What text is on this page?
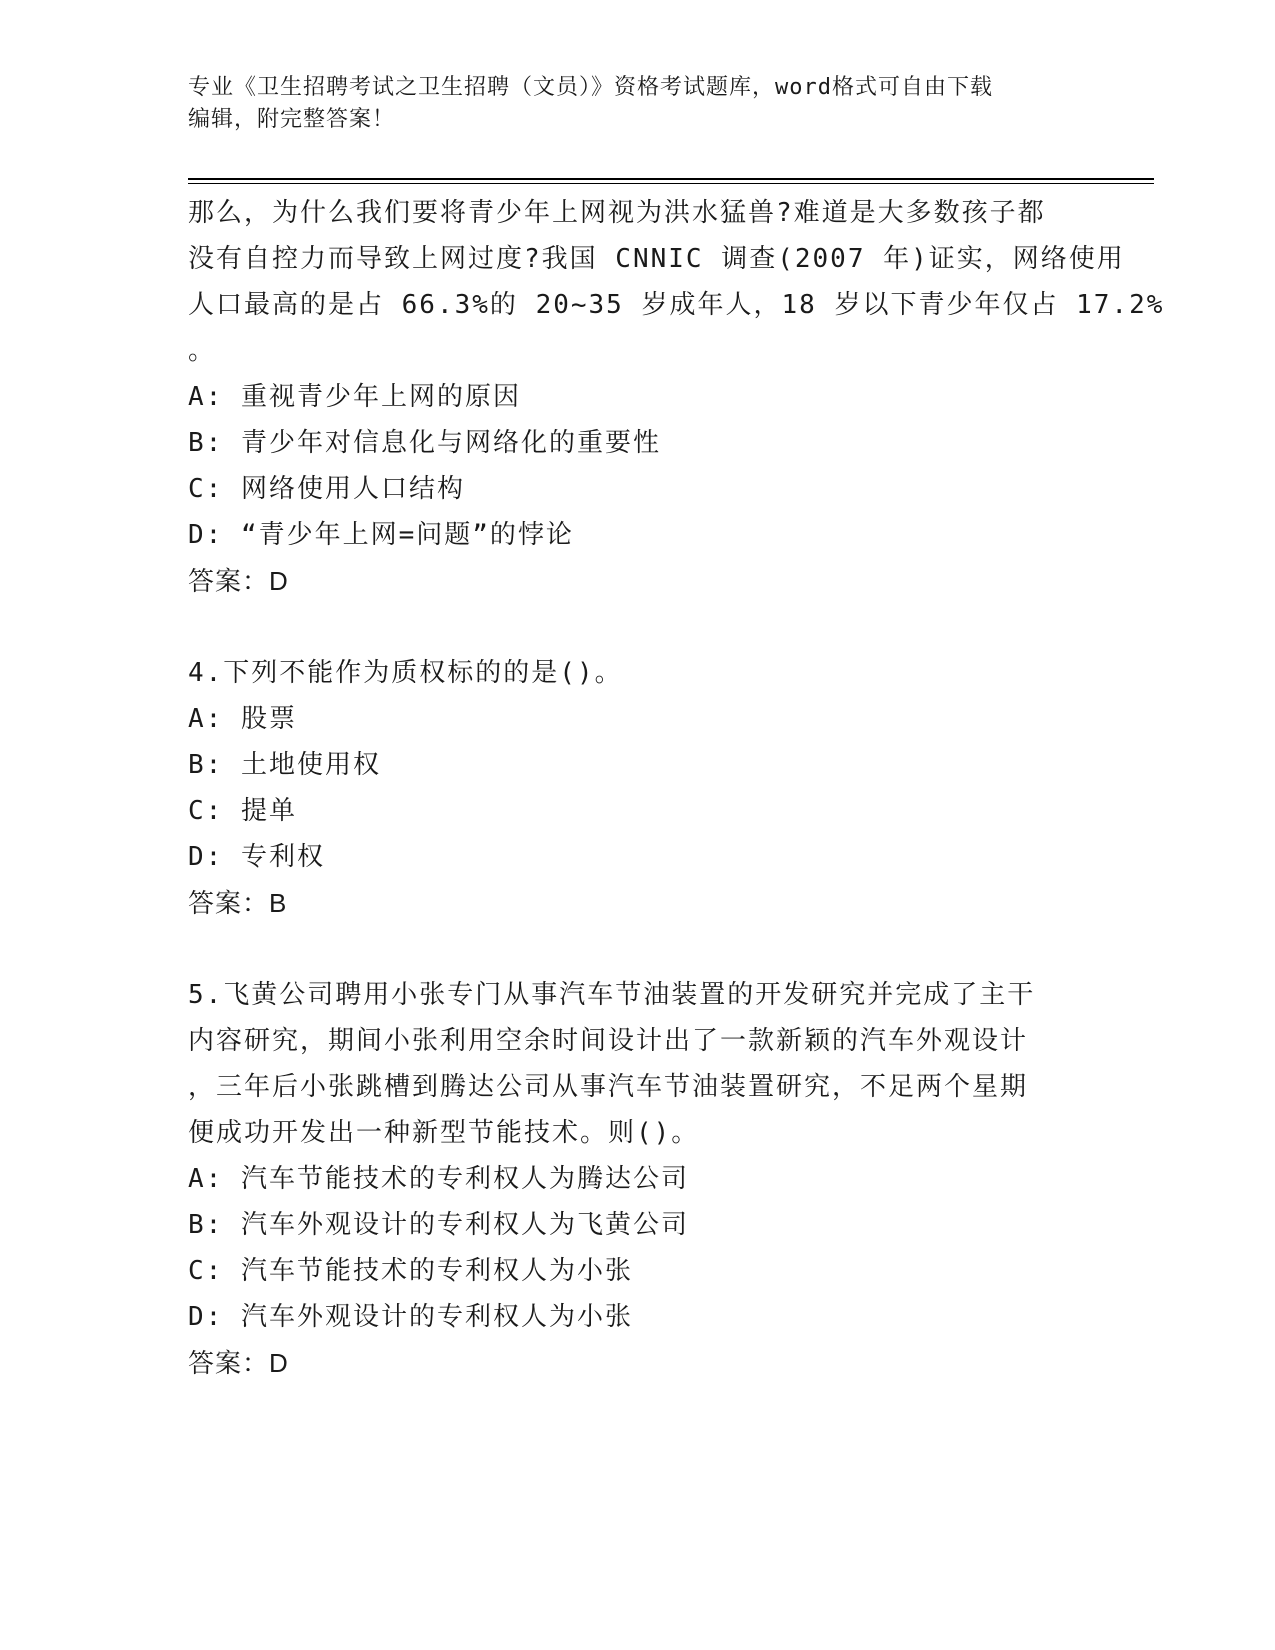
专业《卫生招聘考试之卫生招聘（文员）》资格考试题库，word格式可自由下载
编辑，附完整答案！
那么，为什么我们要将青少年上网视为洪水猛兽?难道是大多数孩子都
没有自控力而导致上网过度?我国 CNNIC 调查(2007 年)证实，网络使用
人口最高的是占 66.3%的 20~35 岁成年人，18 岁以下青少年仅占 17.2%
。
A: 重视青少年上网的原因
B: 青少年对信息化与网络化的重要性
C: 网络使用人口结构
D: “青少年上网=问题”的悖论
答案：D
4.下列不能作为质权标的的是()。
A: 股票
B: 土地使用权
C: 提单
D: 专利权
答案：B
5.飞黄公司聘用小张专门从事汽车节油装置的开发研究并完成了主干
内容研究，期间小张利用空余时间设计出了一款新颖的汽车外观设计
，三年后小张跳槽到腾达公司从事汽车节油装置研究，不足两个星期
便成功开发出一种新型节能技术。则()。
A: 汽车节能技术的专利权人为腾达公司
B: 汽车外观设计的专利权人为飞黄公司
C: 汽车节能技术的专利权人为小张
D: 汽车外观设计的专利权人为小张
答案：D
